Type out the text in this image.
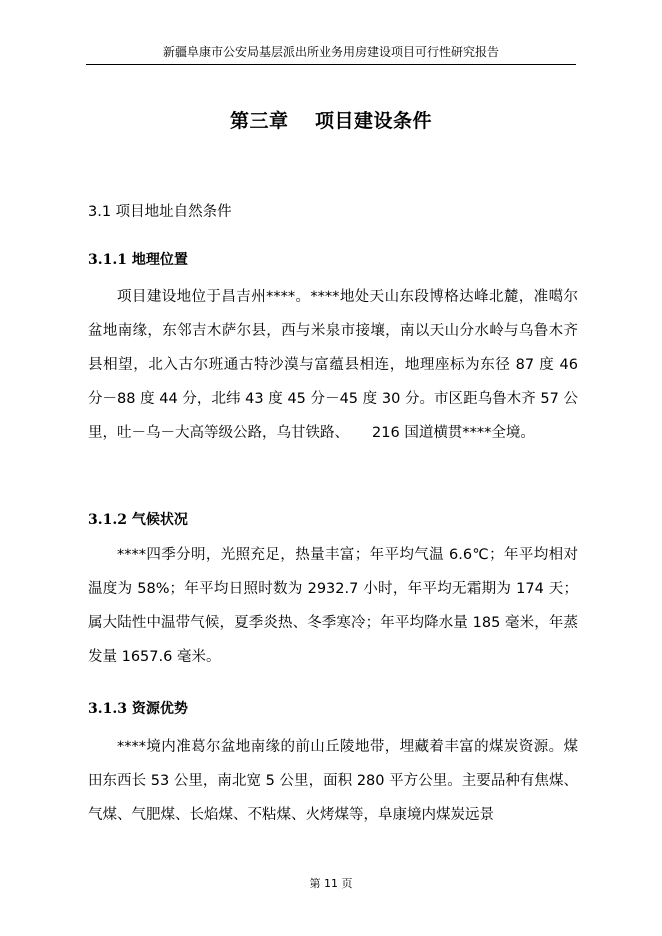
新疆阜康市公安局基层派出所业务用房建设项目可行性研究报告
第三章　 项目建设条件
3.1 项目地址自然条件
3.1.1 地理位置
项目建设地位于昌吉州****。****地处天山东段博格达峰北麓，准噶尔盆地南缘，东邻吉木萨尔县，西与米泉市接壤，南以天山分水岭与乌鲁木齐县相望，北入古尔班通古特沙漠与富蕴县相连，地理座标为东径 87 度 46 分－88 度 44 分，北纬 43 度 45 分－45 度 30 分。市区距乌鲁木齐 57 公里，吐－乌－大高等级公路，乌甘铁路、     216 国道横贯****全境。
3.1.2 气候状况
****四季分明，光照充足，热量丰富；年平均气温 6.6℃；年平均相对温度为 58%；年平均日照时数为 2932.7 小时，年平均无霜期为 174 天；属大陆性中温带气候，夏季炎热、冬季寒冷；年平均降水量 185 毫米，年蒸发量 1657.6 毫米。
3.1.3 资源优势
****境内准葛尔盆地南缘的前山丘陵地带，埋藏着丰富的煤炭资源。煤田东西长 53 公里，南北宽 5 公里，面积 280 平方公里。主要品种有焦煤、气煤、气肥煤、长焰煤、不粘煤、火烤煤等，阜康境内煤炭远景
第 11 页
